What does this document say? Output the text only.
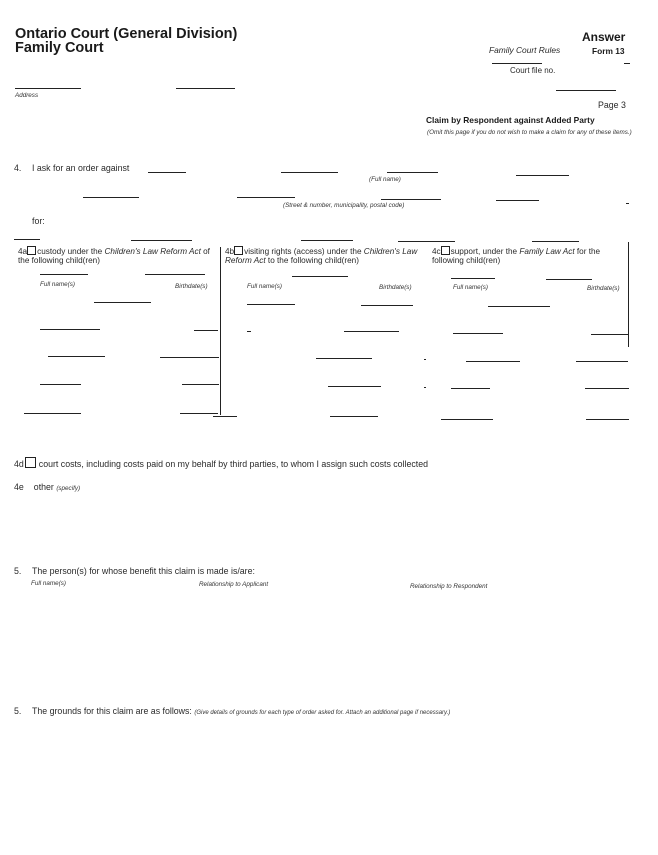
Ontario Court (General Division)
Family Court
Answer
Family Court Rules	Form 13
Court file no.
Address
Page 3
Claim by Respondent against Added Party
(Omit this page if you do not wish to make a claim for any of these items.)
4. I ask for an order against
(Full name)
(Street & number, municipality, postal code)
for:
4a custody under the Children's Law Reform Act of the following child(ren)
Full name(s)	Birthdate(s)
4b visiting rights (access) under the Children's Law Reform Act to the following child(ren)
Full name(s)	Birthdate(s)
4c support, under the Family Law Act for the following child(ren)
Full name(s)	Birthdate(s)
4d court costs, including costs paid on my behalf by third parties, to whom I assign such costs collected
4e other (specify)
5. The person(s) for whose benefit this claim is made is/are:
Full name(s)	Relationship to Applicant	Relationship to Respondent
5. The grounds for this claim are as follows: (Give details of grounds for each type of order asked for. Attach an additional page if necessary.)
